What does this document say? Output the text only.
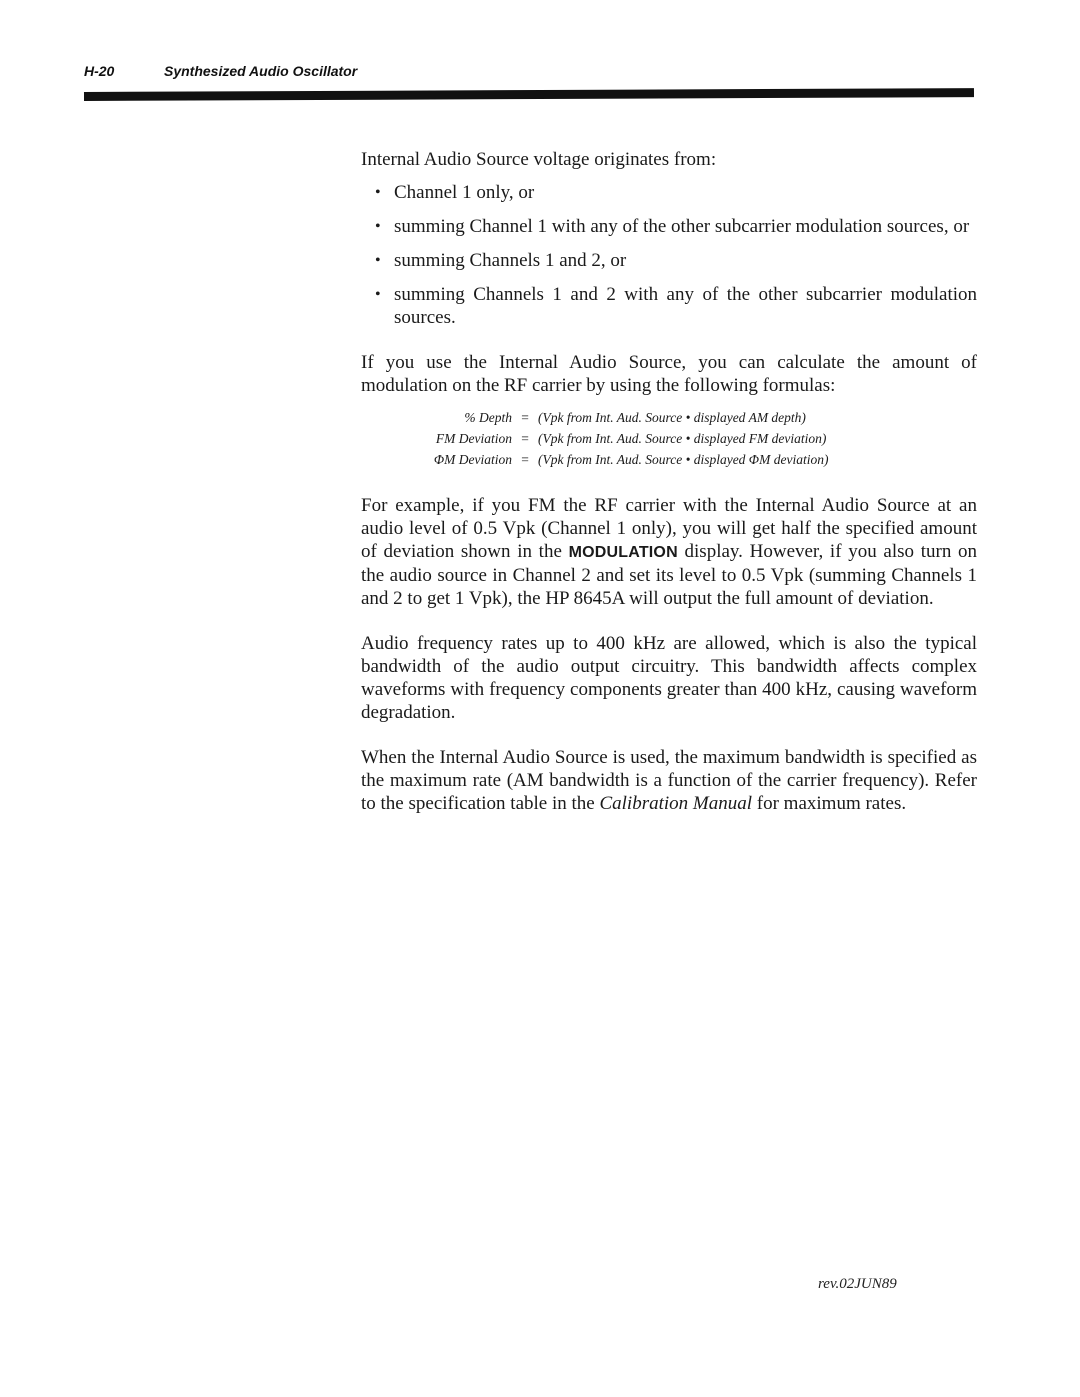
H-20	Synthesized Audio Oscillator

Internal Audio Source voltage originates from:

• Channel 1 only, or
• summing Channel 1 with any of the other subcarrier modulation sources, or
• summing Channels 1 and 2, or
• summing Channels 1 and 2 with any of the other subcarrier modulation sources.

If you use the Internal Audio Source, you can calculate the amount of modulation on the RF carrier by using the following formulas:

% Depth = (Vpk from Int. Aud. Source • displayed AM depth)
FM Deviation = (Vpk from Int. Aud. Source • displayed FM deviation)
ΦM Deviation = (Vpk from Int. Aud. Source • displayed ΦM deviation)

For example, if you FM the RF carrier with the Internal Audio Source at an audio level of 0.5 Vpk (Channel 1 only), you will get half the specified amount of deviation shown in the MODULATION display. However, if you also turn on the audio source in Channel 2 and set its level to 0.5 Vpk (summing Channels 1 and 2 to get 1 Vpk), the HP 8645A will output the full amount of deviation.

Audio frequency rates up to 400 kHz are allowed, which is also the typical bandwidth of the audio output circuitry. This bandwidth affects complex waveforms with frequency components greater than 400 kHz, causing waveform degradation.

When the Internal Audio Source is used, the maximum bandwidth is specified as the maximum rate (AM bandwidth is a function of the carrier frequency). Refer to the specification table in the Calibration Manual for maximum rates.

rev.02JUN89
